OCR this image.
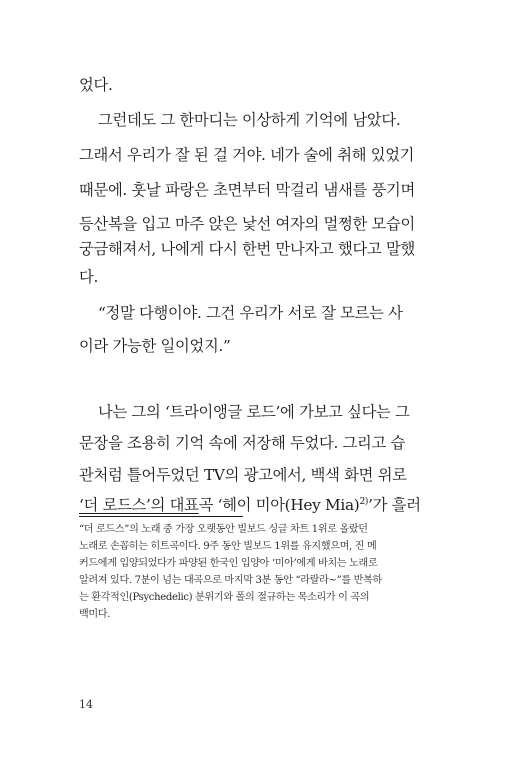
었다.
그런데도 그 한마디는 이상하게 기억에 남았다.
그래서 우리가 잘 된 걸 거야. 네가 술에 취해 있었기
때문에. 훗날 파랑은 초면부터 막걸리 냄새를 풍기며
등산복을 입고 마주 앉은 낯선 여자의 멀쩡한 모습이
궁금해져서, 나에게 다시 한번 만나자고 했다고 말했
다.
“정말 다행이야. 그건 우리가 서로 잘 모르는 사
이라 가능한 일이었지.”
나는 그의 ‘트라이앵글 로드’에 가보고 싶다는 그
문장을 조용히 기억 속에 저장해 두었다. 그리고 습
관처럼 틀어두었던 TV의 광고에서, 백색 화면 위로
‘더 로드스’의 대표곡 ‘헤이 미아(Hey Mia)$^{2)}$’가 흘러
“더 로드스”의 노래 중 가장 오랫동안 빌보드 싱글 차트 1위로 올랐던
노래로 손꼽히는 히트곡이다. 9주 동안 빌보드 1위를 유지했으며, 진 메
커드에게 입양되었다가 파양된 한국인 입양아 ‘미아’에게 바치는 노래로
알려져 있다. 7분이 넘는 대곡으로 마지막 3분 동안 “라랄라~”를 반복하
는 환각적인(Psychedelic) 분위기와 폴의 절규하는 목소리가 이 곡의
백미다.
14
